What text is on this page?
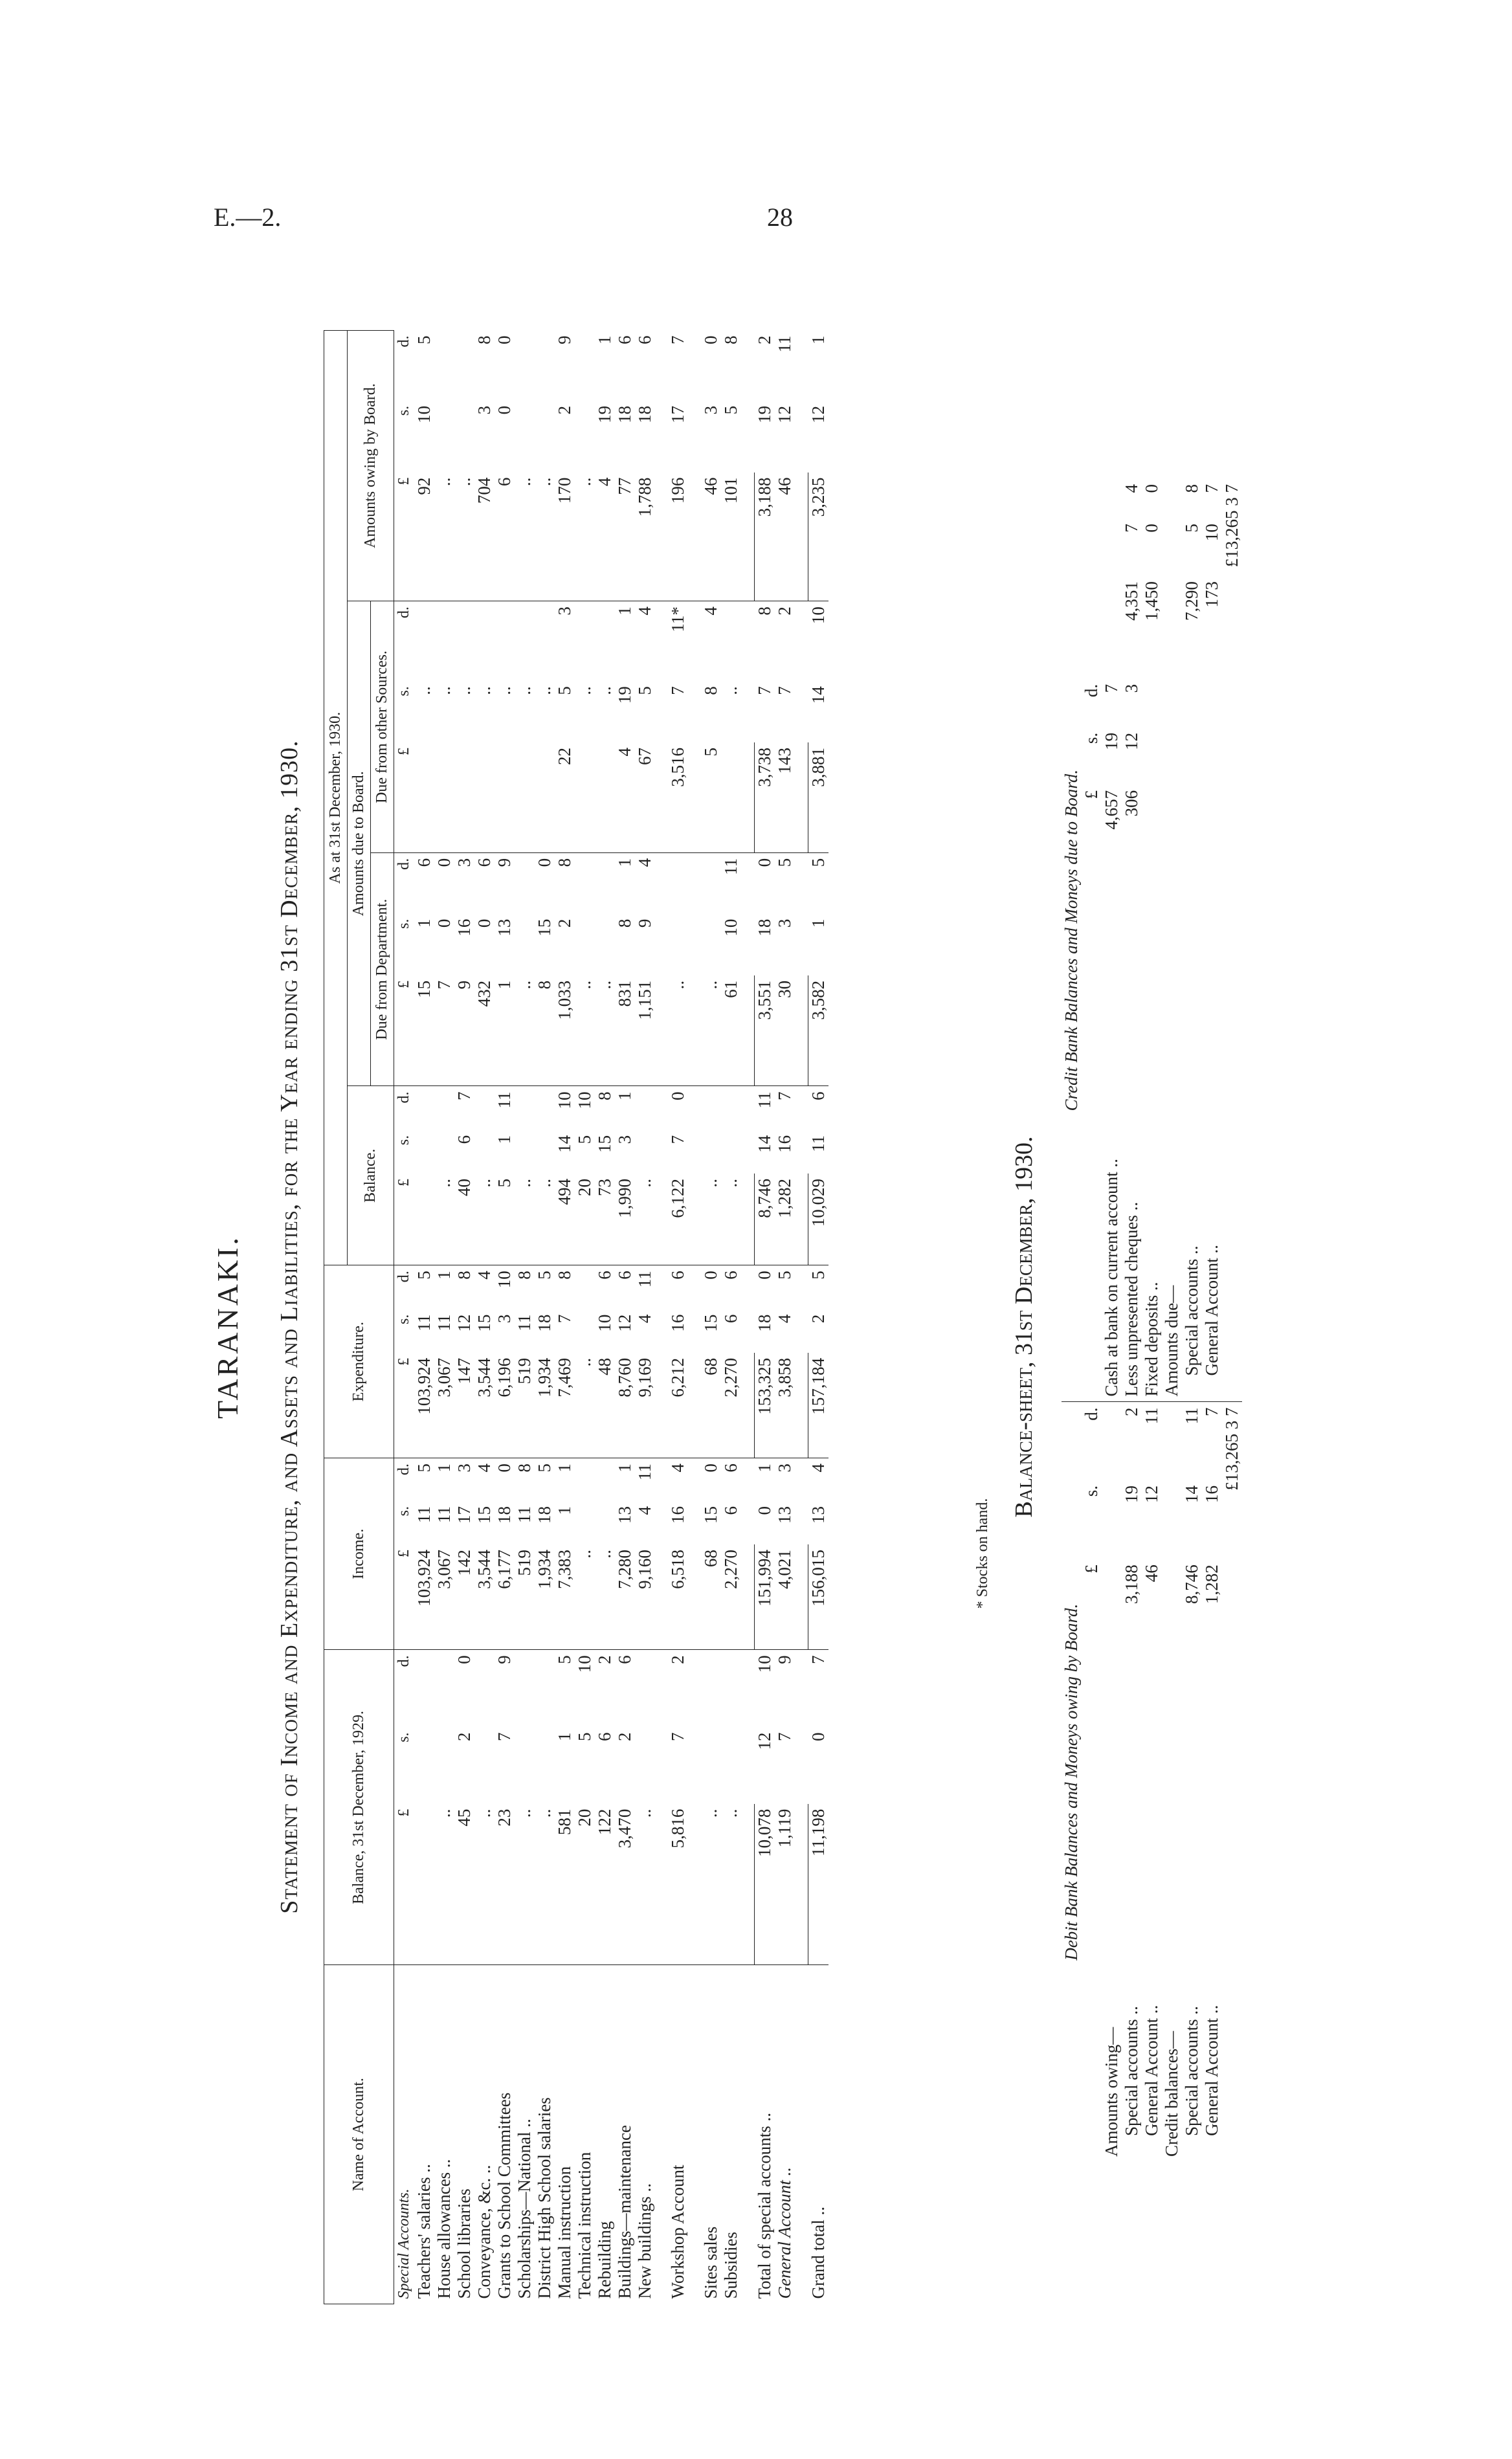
E.—2.	28
TARANAKI. Statement of Income and Expenditure, and Assets and Liabilities, for the Year ending 31st December, 1930.
Name of Account.	Balance, 31st December, 1929.			Income.			Expenditure.			As at 31st December, 1930.											
										Balance.			Amounts due to Board.						Amounts owing by Board.		
													Due from Department.			Due from other Sources.					
Special Accounts.	£	s.	d.	£	s.	d.	£	s.	d.	£	s.	d.	£	s.	d.	£	s.	d.	£	s.	d.
Teachers' salaries ..				103,924	11	5	103,924	11	5				15	1	6		..		92	10	5
House allowances ..	..			3,067	11	1	3,067	11	1	..			7	0	0		..		..		
School libraries	45	2	0	142	17	3	147	12	8	40	6	7	9	16	3		..		..		
Conveyance, &c. ..	..			3,544	15	4	3,544	15	4	..			432	0	6		..		704	3	8
Grants to School Committees	23	7	9	6,177	18	0	6,196	3	10	5	1	11	1	13	9		..		6	0	0
Scholarships—National ..	..			519	11	8	519	11	8	..			..				..		..		
District High School salaries	..			1,934	18	5	1,934	18	5	..			8	15	0		..		..		
Manual instruction	581	1	5	7,383	1	1	7,469	7	8	494	14	10	1,033	2	8	22	5	3	170	2	9
Technical instruction	20	5	10	..			..			20	5	10	..				..		..		
Rebuilding	122	6	2	..			48	10	6	73	15	8	..				..		4	19	1
Buildings—maintenance	3,470	2	6	7,280	13	1	8,760	12	6	1,990	3	1	831	8	1	4	19	1	77	18	6
New buildings ..	..			9,160	4	11	9,169	4	11	..			1,151	9	4	67	5	4	1,788	18	6

Workshop Account	5,816	7	2	6,518	16	4	6,212	16	6	6,122	7	0	..			3,516	7	11*	196	17	7

Sites sales	..			68	15	0	68	15	0	..			..			5	8	4	46	3	0
Subsidies	..			2,270	6	6	2,270	6	6	..			61	10	11		..		101	5	8

Total of special accounts ..	10,078	12	10	151,994	0	1	153,325	18	0	8,746	14	11	3,551	18	0	3,738	7	8	3,188	19	2
General Account ..	1,119	7	9	4,021	13	3	3,858	4	5	1,282	16	7	30	3	5	143	7	2	46	12	11

Grand total ..	11,198	0	7	156,015	13	4	157,184	2	5	10,029	11	6	3,582	1	5	3,881	14	10	3,235	12	1
* Stocks on hand.
Balance-sheet, 31st December, 1930.
Debit Bank Balances and Moneys owing by Board.				Credit Bank Balances and Moneys due to Board.						
	£	s.	d.		£	s.	d.			
Amounts owing—				Cash at bank on current account ..	4,657	19	7			
Special accounts ..	3,188	19	2	Less unpresented cheques ..	306	12	3	4,351	7	4
General Account ..	46	12	11	Fixed deposits ..				1,450	0	0
Credit balances—				Amounts due—						
Special accounts ..	8,746	14	11	Special accounts ..				7,290	5	8
General Account ..	1,282	16	7	General Account ..				173	10	7
	£13,265 3 7							£13,265 3 7		
